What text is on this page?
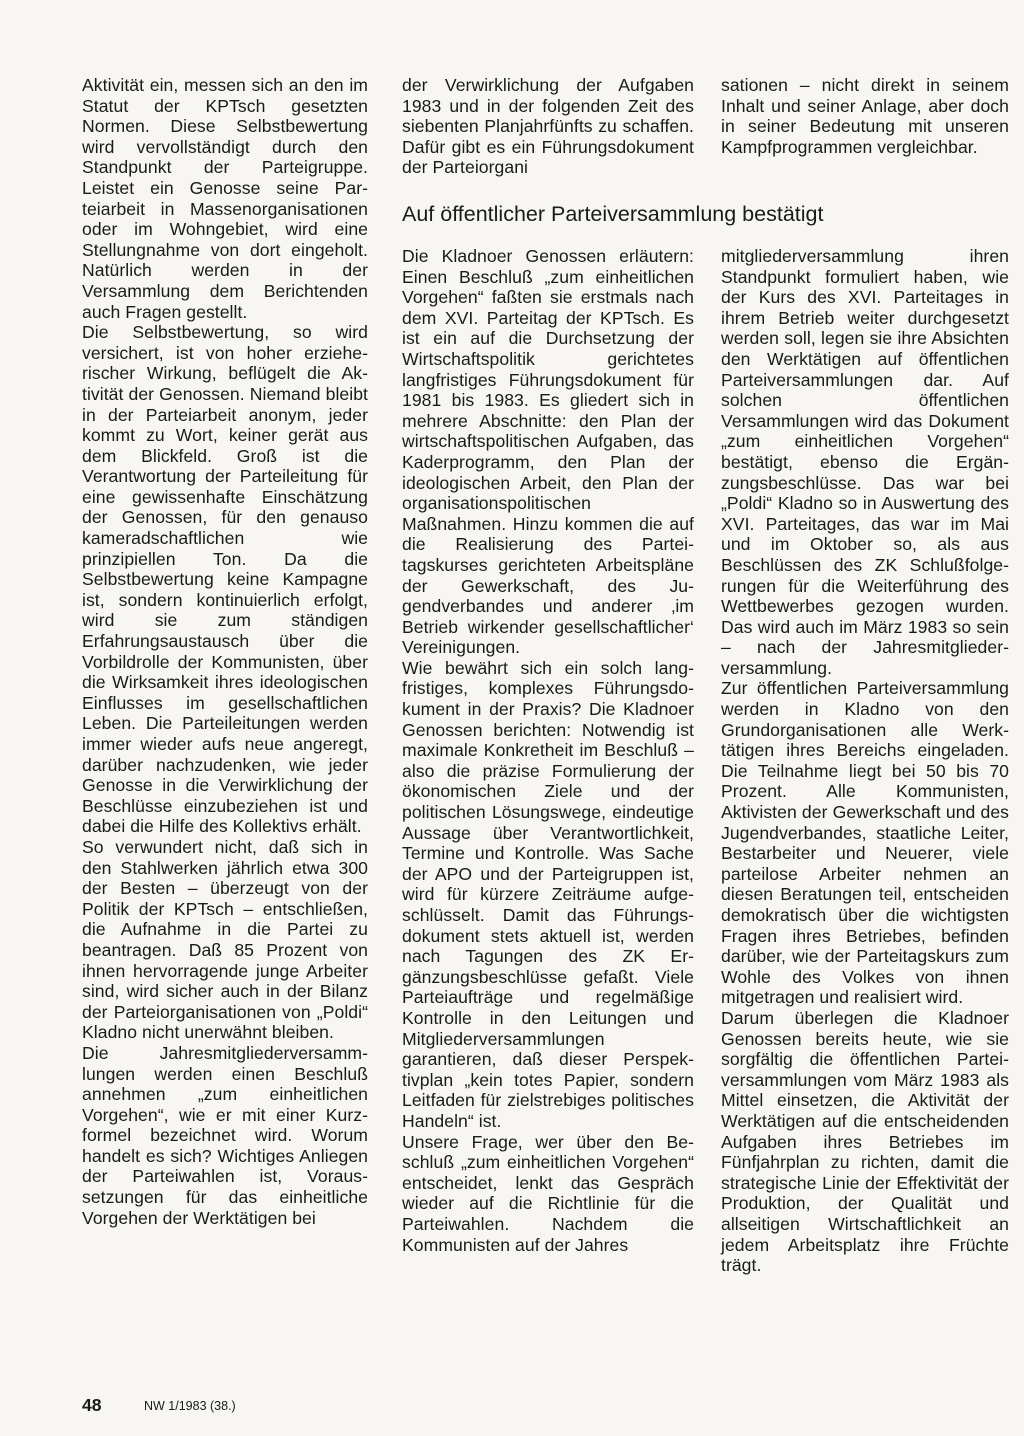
Aktivität ein, messen sich an den im Statut der KPTsch gesetzten Normen. Diese Selbstbewertung wird vervollständigt durch den Standpunkt der Parteigruppe. Leistet ein Genosse seine Parteiarbeit in Massenorganisationen oder im Wohngebiet, wird eine Stellungnahme von dort eingeholt. Natürlich werden in der Versammlung dem Berichtenden auch Fragen gestellt.

Die Selbstbewertung, so wird versichert, ist von hoher erzieherischer Wirkung, beflügelt die Aktivität der Genossen. Niemand bleibt in der Parteiarbeit anonym, jeder kommt zu Wort, keiner gerät aus dem Blickfeld. Groß ist die Verantwortung der Parteileitung für eine gewissenhafte Einschätzung der Genossen, für den genauso kameradschaftlichen wie prinzipiellen Ton. Da die Selbstbewertung keine Kampagne ist, sondern kontinuierlich erfolgt, wird sie zum ständigen Erfahrungsaustausch über die Vorbildrolle der Kommunisten, über die Wirksamkeit ihres ideologischen Einflusses im gesellschaftlichen Leben. Die Parteileitungen werden immer wieder aufs neue angeregt, darüber nachzudenken, wie jeder Genosse in die Verwirklichung der Beschlüsse einzubeziehen ist und dabei die Hilfe des Kollektivs erhält.

So verwundert nicht, daß sich in den Stahlwerken jährlich etwa 300 der Besten – überzeugt von der Politik der KPTsch – entschließen, die Aufnahme in die Partei zu beantragen. Daß 85 Prozent von ihnen hervorragende junge Arbeiter sind, wird sicher auch in der Bilanz der Parteiorganisationen von „Poldi“ Kladno nicht unerwähnt bleiben.

Die Jahresmitgliederversammlungen werden einen Beschluß annehmen „zum einheitlichen Vorgehen“, wie er mit einer Kurzformel bezeichnet wird. Worum handelt es sich? Wichtiges Anliegen der Parteiwahlen ist, Voraussetzungen für das einheitliche Vorgehen der Werktätigen bei

der Verwirklichung der Aufgaben 1983 und in der folgenden Zeit des siebenten Planjahrfünfts zu schaffen. Dafür gibt es ein Führungsdokument der Parteiorgani

sationen – nicht direkt in seinem Inhalt und seiner Anlage, aber doch in seiner Bedeutung mit unseren Kampfprogrammen vergleichbar.

Auf öffentlicher Parteiversammlung bestätigt

Die Kladnoer Genossen erläutern: Einen Beschluß „zum einheitlichen Vorgehen“ faßten sie erstmals nach dem XVI. Parteitag der KPTsch. Es ist ein auf die Durchsetzung der Wirtschaftspolitik gerichtetes langfristiges Führungsdokument für 1981 bis 1983. Es gliedert sich in mehrere Abschnitte: den Plan der wirtschaftspolitischen Aufgaben, das Kaderprogramm, den Plan der ideologischen Arbeit, den Plan der organisationspolitischen Maßnahmen. Hinzu kommen die auf die Realisierung des Parteitagskurses gerichteten Arbeitspläne der Gewerkschaft, des Jugendverbandes und anderer ‚im Betrieb wirkender gesellschaftlicher‘ Vereinigungen.

Wie bewährt sich ein solch langfristiges, komplexes Führungsdokument in der Praxis? Die Kladnoer Genossen berichten: Notwendig ist maximale Konkretheit im Beschluß – also die präzise Formulierung der ökonomischen Ziele und der politischen Lösungswege, eindeutige Aussage über Verantwortlichkeit, Termine und Kontrolle. Was Sache der APO und der Parteigruppen ist, wird für kürzere Zeiträume aufgeschlüsselt. Damit das Führungsdokument stets aktuell ist, werden nach Tagungen des ZK Ergänzungsbeschlüsse gefaßt. Viele Parteiaufträge und regelmäßige Kontrolle in den Leitungen und Mitgliederversammlungen garantieren, daß dieser Perspektivplan „kein totes Papier, sondern Leitfaden für zielstrebiges politisches Handeln“ ist.

Unsere Frage, wer über den Beschluß „zum einheitlichen Vorgehen“ entscheidet, lenkt das Gespräch wieder auf die Richtlinie für die Parteiwahlen. Nachdem die Kommunisten auf der Jahres

mitgliederversammlung ihren Standpunkt formuliert haben, wie der Kurs des XVI. Parteitages in ihrem Betrieb weiter durchgesetzt werden soll, legen sie ihre Absichten den Werktätigen auf öffentlichen Parteiversammlungen dar. Auf solchen öffentlichen Versammlungen wird das Dokument „zum einheitlichen Vorgehen“ bestätigt, ebenso die Ergänzungsbeschlüsse. Das war bei „Poldi“ Kladno so in Auswertung des XVI. Parteitages, das war im Mai und im Oktober so, als aus Beschlüssen des ZK Schlußfolgerungen für die Weiterführung des Wettbewerbes gezogen wurden. Das wird auch im März 1983 so sein – nach der Jahresmitgliederversammlung.

Zur öffentlichen Parteiversammlung werden in Kladno von den Grundorganisationen alle Werktätigen ihres Bereichs eingeladen. Die Teilnahme liegt bei 50 bis 70 Prozent. Alle Kommunisten, Aktivisten der Gewerkschaft und des Jugendverbandes, staatliche Leiter, Bestarbeiter und Neuerer, viele parteilose Arbeiter nehmen an diesen Beratungen teil, entscheiden demokratisch über die wichtigsten Fragen ihres Betriebes, befinden darüber, wie der Parteitagskurs zum Wohle des Volkes von ihnen mitgetragen und realisiert wird.

Darum überlegen die Kladnoer Genossen bereits heute, wie sie sorgfältig die öffentlichen Parteiversammlungen vom März 1983 als Mittel einsetzen, die Aktivität der Werktätigen auf die entscheidenden Aufgaben ihres Betriebes im Fünfjahrplan zu richten, damit die strategische Linie der Effektivität der Produktion, der Qualität und allseitigen Wirtschaftlichkeit an jedem Arbeitsplatz ihre Früchte trägt.

48	NW 1/1983 (38.)
